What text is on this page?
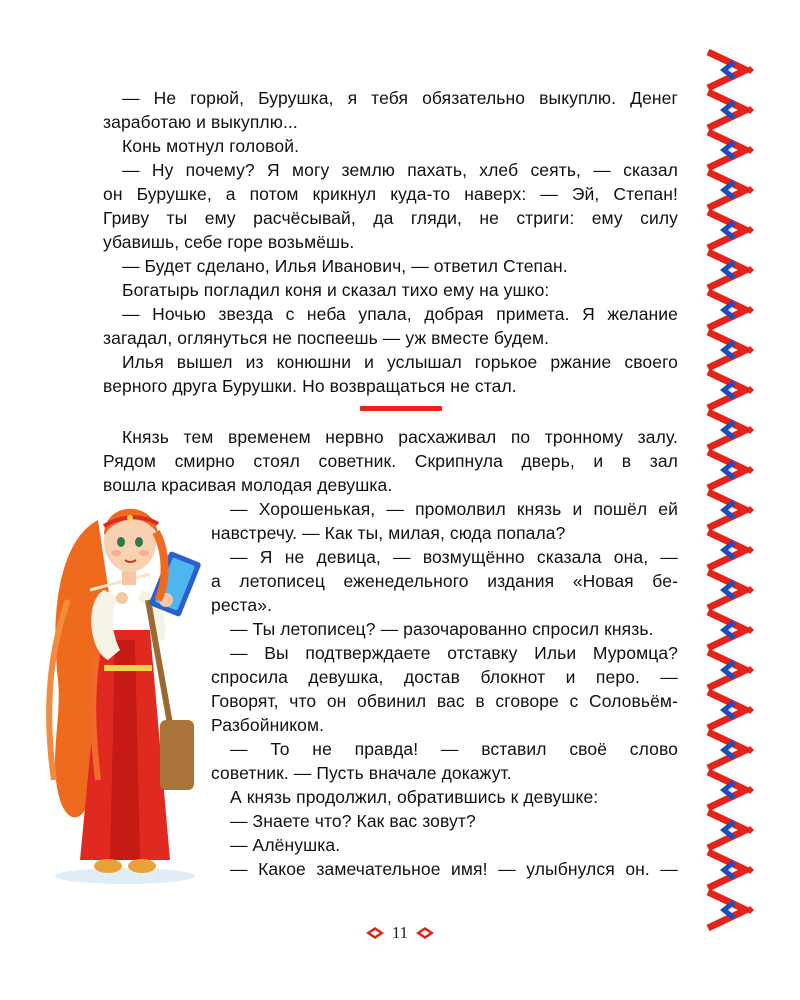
— Не горюй, Бурушка, я тебя обязательно выкуплю. Денег
заработаю и выкуплю...
Конь мотнул головой.
— Ну почему? Я могу землю пахать, хлеб сеять, — сказал
он Бурушке, а потом крикнул куда-то наверх: — Эй, Степан!
Гриву ты ему расчёсывай, да гляди, не стриги: ему силу
убавишь, себе горе возьмёшь.
— Будет сделано, Илья Иванович, — ответил Степан.
Богатырь погладил коня и сказал тихо ему на ушко:
— Ночью звезда с неба упала, добрая примета. Я желание
загадал, оглянуться не поспеешь — уж вместе будем.
Илья вышел из конюшни и услышал горькое ржание своего
верного друга Бурушки. Но возвращаться не стал.
Князь тем временем нервно расхаживал по тронному залу.
Рядом смирно стоял советник. Скрипнула дверь, и в зал
вошла красивая молодая девушка.
— Хорошенькая, — промолвил князь и пошёл ей
навстречу. — Как ты, милая, сюда попала?
— Я не девица, — возмущённо сказала она, —
а летописец еженедельного издания «Новая бе-
реста».
— Ты летописец? — разочарованно спросил князь.
— Вы подтверждаете отставку Ильи Муромца?
спросила девушка, достав блокнот и перо. —
Говорят, что он обвинил вас в сговоре с Соловьём-
Разбойником.
— То не правда! — вставил своё слово
советник. — Пусть вначале докажут.
А князь продолжил, обратившись к девушке:
— Знаете что? Как вас зовут?
— Алёнушка.
— Какое замечательное имя! — улыбнулся он. —
11
